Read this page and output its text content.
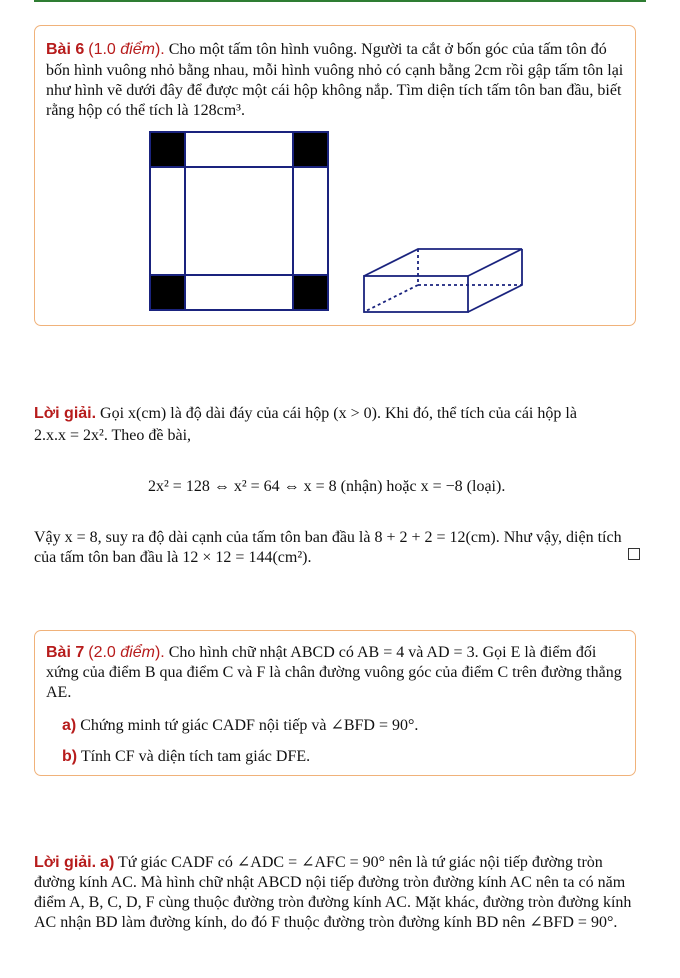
Bài 6 (1.0 điểm). Cho một tấm tôn hình vuông. Người ta cắt ở bốn góc của tấm tôn đó
bốn hình vuông nhỏ bằng nhau, mỗi hình vuông nhỏ có cạnh bằng 2cm rồi gập tấm tôn lại
như hình vẽ dưới đây để được một cái hộp không nắp. Tìm diện tích tấm tôn ban đầu, biết
rằng hộp có thể tích là 128cm³.
Lời giải. Gọi x(cm) là độ dài đáy của cái hộp (x > 0). Khi đó, thể tích của cái hộp là
2.x.x = 2x². Theo đề bài,
2x² = 128 ⇔ x² = 64 ⇔ x = 8 (nhận) hoặc x = −8 (loại).
Vậy x = 8, suy ra độ dài cạnh của tấm tôn ban đầu là 8 + 2 + 2 = 12(cm). Như vậy, diện tích
của tấm tôn ban đầu là 12 × 12 = 144(cm²).
Bài 7 (2.0 điểm). Cho hình chữ nhật ABCD có AB = 4 và AD = 3. Gọi E là điểm đối
xứng của điểm B qua điểm C và F là chân đường vuông góc của điểm C trên đường thẳng
AE.
a) Chứng minh tứ giác CADF nội tiếp và ∠BFD = 90°.
b) Tính CF và diện tích tam giác DFE.
Lời giải. a) Tứ giác CADF có ∠ADC = ∠AFC = 90° nên là tứ giác nội tiếp đường tròn
đường kính AC. Mà hình chữ nhật ABCD nội tiếp đường tròn đường kính AC nên ta có năm
điểm A, B, C, D, F cùng thuộc đường tròn đường kính AC. Mặt khác, đường tròn đường kính
AC nhận BD làm đường kính, do đó F thuộc đường tròn đường kính BD nên ∠BFD = 90°.
